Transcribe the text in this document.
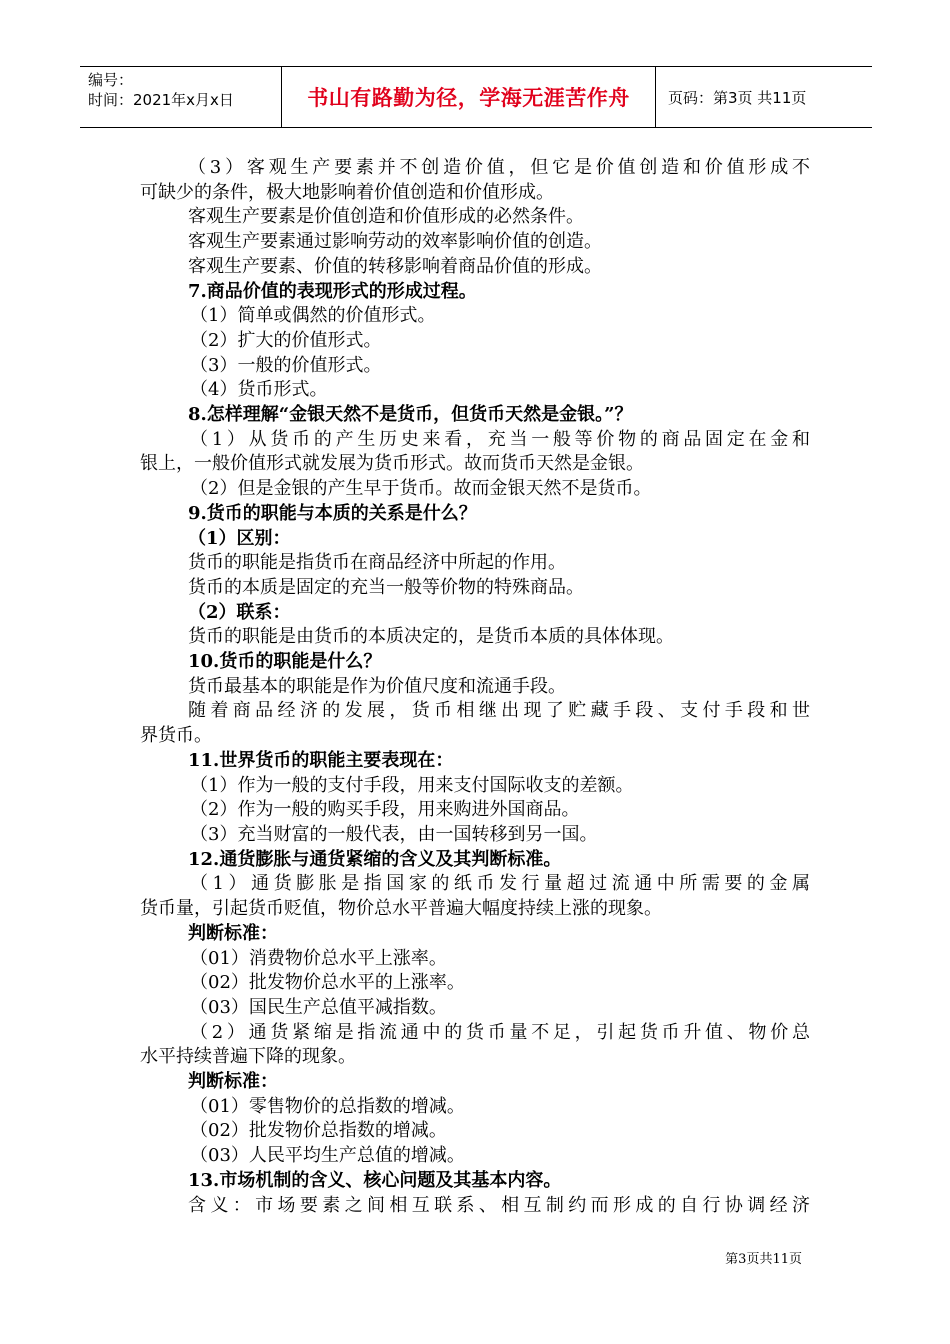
编号：
时间：2021年x月x日	书山有路勤为径，学海无涯苦作舟	页码：第3页 共11页

（3）客观生产要素并不创造价值，但它是价值创造和价值形成不

可缺少的条件，极大地影响着价值创造和价值形成。

客观生产要素是价值创造和价值形成的必然条件。

客观生产要素通过影响劳动的效率影响价值的创造。

客观生产要素、价值的转移影响着商品价值的形成。

7.商品价值的表现形式的形成过程。

（1）简单或偶然的价值形式。

（2）扩大的价值形式。

（3）一般的价值形式。

（4）货币形式。

8.怎样理解“金银天然不是货币，但货币天然是金银。”？

（1）从货币的产生历史来看，充当一般等价物的商品固定在金和

银上，一般价值形式就发展为货币形式。故而货币天然是金银。

（2）但是金银的产生早于货币。故而金银天然不是货币。

9.货币的职能与本质的关系是什么？

（1）区别：

货币的职能是指货币在商品经济中所起的作用。

货币的本质是固定的充当一般等价物的特殊商品。

（2）联系：

货币的职能是由货币的本质决定的，是货币本质的具体体现。

10.货币的职能是什么？

货币最基本的职能是作为价值尺度和流通手段。

随着商品经济的发展，货币相继出现了贮藏手段、支付手段和世

界货币。

11.世界货币的职能主要表现在：

（1）作为一般的支付手段，用来支付国际收支的差额。

（2）作为一般的购买手段，用来购进外国商品。

（3）充当财富的一般代表，由一国转移到另一国。

12.通货膨胀与通货紧缩的含义及其判断标准。

（1）通货膨胀是指国家的纸币发行量超过流通中所需要的金属

货币量，引起货币贬值，物价总水平普遍大幅度持续上涨的现象。

判断标准：

（01）消费物价总水平上涨率。

（02）批发物价总水平的上涨率。

（03）国民生产总值平减指数。

（2）通货紧缩是指流通中的货币量不足，引起货币升值、物价总

水平持续普遍下降的现象。

判断标准：

（01）零售物价的总指数的增减。

（02）批发物价总指数的增减。

（03）人民平均生产总值的增减。

13.市场机制的含义、核心问题及其基本内容。

含义：市场要素之间相互联系、相互制约而形成的自行协调经济

第3页共11页
